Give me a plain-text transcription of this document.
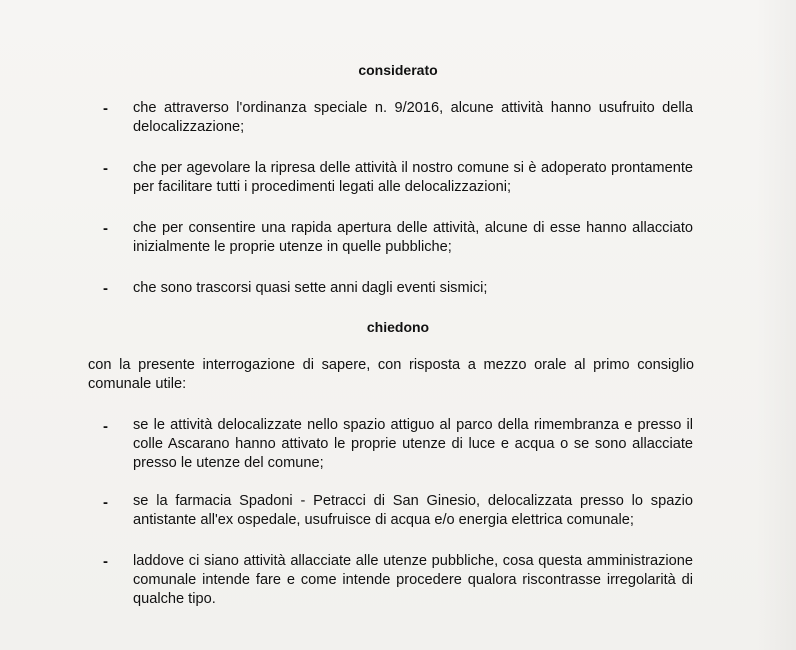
considerato
- che attraverso l'ordinanza speciale n. 9/2016, alcune attività hanno usufruito della delocalizzazione;
- che per agevolare la ripresa delle attività il nostro comune si è adoperato prontamente per facilitare tutti i procedimenti legati alle delocalizzazioni;
- che per consentire una rapida apertura delle attività, alcune di esse hanno allacciato inizialmente le proprie utenze in quelle pubbliche;
- che sono trascorsi quasi sette anni dagli eventi sismici;
chiedono
con la presente interrogazione di sapere, con risposta a mezzo orale al primo consiglio comunale utile:
- se le attività delocalizzate nello spazio attiguo al parco della rimembranza e presso il colle Ascarano hanno attivato le proprie utenze di luce e acqua o se sono allacciate presso le utenze del comune;
- se la farmacia Spadoni - Petracci di San Ginesio, delocalizzata presso lo spazio antistante all'ex ospedale, usufruisce di acqua e/o energia elettrica comunale;
- laddove ci siano attività allacciate alle utenze pubbliche, cosa questa amministrazione comunale intende fare e come intende procedere qualora riscontrasse irregolarità di qualche tipo.
